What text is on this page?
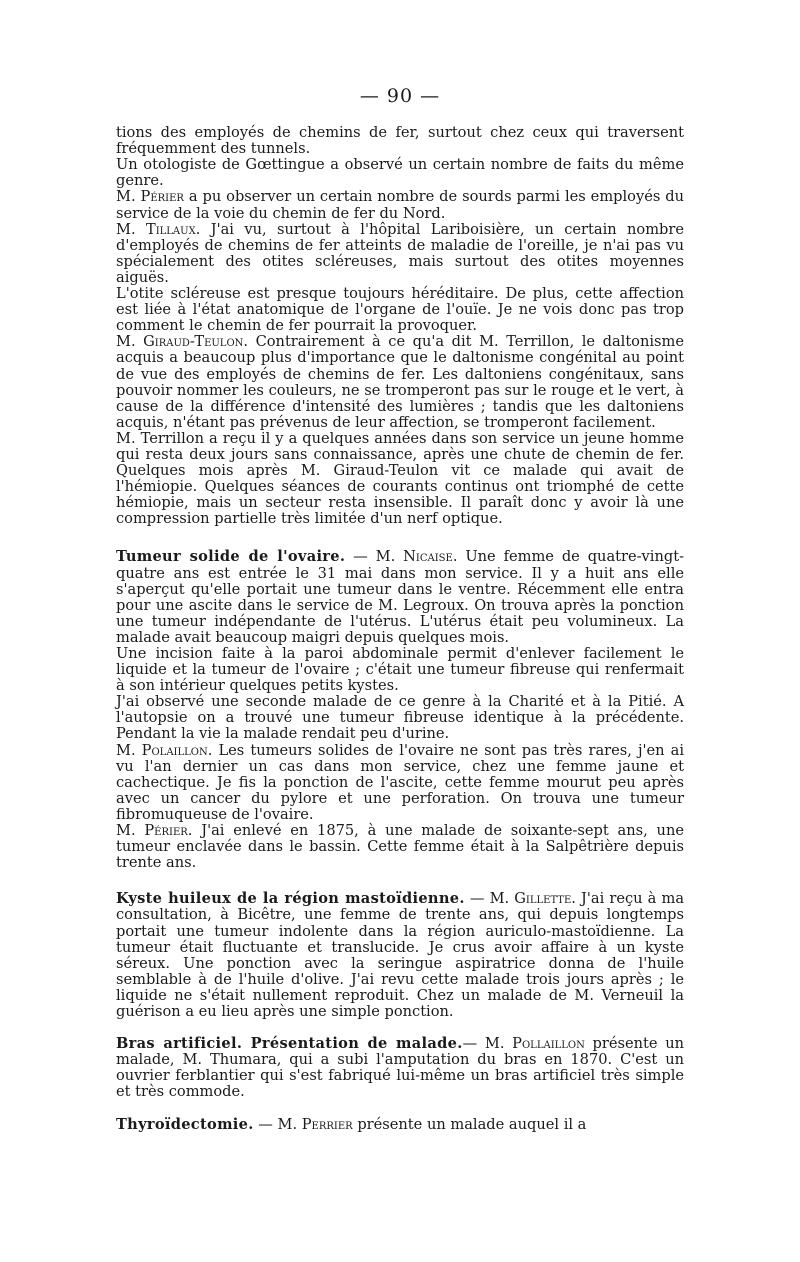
— 90 —

tions des employés de chemins de fer, surtout chez ceux qui traversent fréquemment des tunnels.

Un otologiste de Gœttingue a observé un certain nombre de faits du même genre.

M. Périer a pu observer un certain nombre de sourds parmi les employés du service de la voie du chemin de fer du Nord.

M. Tillaux. J'ai vu, surtout à l'hôpital Lariboisière, un certain nombre d'employés de chemins de fer atteints de maladie de l'oreille, je n'ai pas vu spécialement des otites scléreuses, mais surtout des otites moyennes aiguës.

L'otite scléreuse est presque toujours héréditaire. De plus, cette affection est liée à l'état anatomique de l'organe de l'ouïe. Je ne vois donc pas trop comment le chemin de fer pourrait la provoquer.

M. Giraud-Teulon. Contrairement à ce qu'a dit M. Terrillon, le daltonisme acquis a beaucoup plus d'importance que le daltonisme congénital au point de vue des employés de chemins de fer. Les daltoniens congénitaux, sans pouvoir nommer les couleurs, ne se tromperont pas sur le rouge et le vert, à cause de la différence d'intensité des lumières ; tandis que les daltoniens acquis, n'étant pas prévenus de leur affection, se tromperont facilement.

M. Terrillon a reçu il y a quelques années dans son service un jeune homme qui resta deux jours sans connaissance, après une chute de chemin de fer. Quelques mois après M. Giraud-Teulon vit ce malade qui avait de l'hémiopie. Quelques séances de courants continus ont triomphé de cette hémiopie, mais un secteur resta insensible. Il paraît donc y avoir là une compression partielle très limitée d'un nerf optique.

Tumeur solide de l'ovaire. — M. Nicaise. Une femme de quatre-vingt-quatre ans est entrée le 31 mai dans mon service. Il y a huit ans elle s'aperçut qu'elle portait une tumeur dans le ventre. Récemment elle entra pour une ascite dans le service de M. Legroux. On trouva après la ponction une tumeur indépendante de l'utérus. L'utérus était peu volumineux. La malade avait beaucoup maigri depuis quelques mois.

Une incision faite à la paroi abdominale permit d'enlever facilement le liquide et la tumeur de l'ovaire ; c'était une tumeur fibreuse qui renfermait à son intérieur quelques petits kystes.

J'ai observé une seconde malade de ce genre à la Charité et à la Pitié. A l'autopsie on a trouvé une tumeur fibreuse identique à la précédente. Pendant la vie la malade rendait peu d'urine.

M. Polaillon. Les tumeurs solides de l'ovaire ne sont pas très rares, j'en ai vu l'an dernier un cas dans mon service, chez une femme jaune et cachectique. Je fis la ponction de l'ascite, cette femme mourut peu après avec un cancer du pylore et une perforation. On trouva une tumeur fibromuqueuse de l'ovaire.

M. Périer. J'ai enlevé en 1875, à une malade de soixante-sept ans, une tumeur enclavée dans le bassin. Cette femme était à la Salpêtrière depuis trente ans.

Kyste huileux de la région mastoïdienne. — M. Gillette. J'ai reçu à ma consultation, à Bicêtre, une femme de trente ans, qui depuis longtemps portait une tumeur indolente dans la région auriculo-mastoïdienne. La tumeur était fluctuante et translucide. Je crus avoir affaire à un kyste séreux. Une ponction avec la seringue aspiratrice donna de l'huile semblable à de l'huile d'olive. J'ai revu cette malade trois jours après ; le liquide ne s'était nullement reproduit. Chez un malade de M. Verneuil la guérison a eu lieu après une simple ponction.

Bras artificiel. Présentation de malade.— M. Pollaillon présente un malade, M. Thumara, qui a subi l'amputation du bras en 1870. C'est un ouvrier ferblantier qui s'est fabriqué lui-même un bras artificiel très simple et très commode.

Thyroïdectomie. — M. Perrier présente un malade auquel il a
